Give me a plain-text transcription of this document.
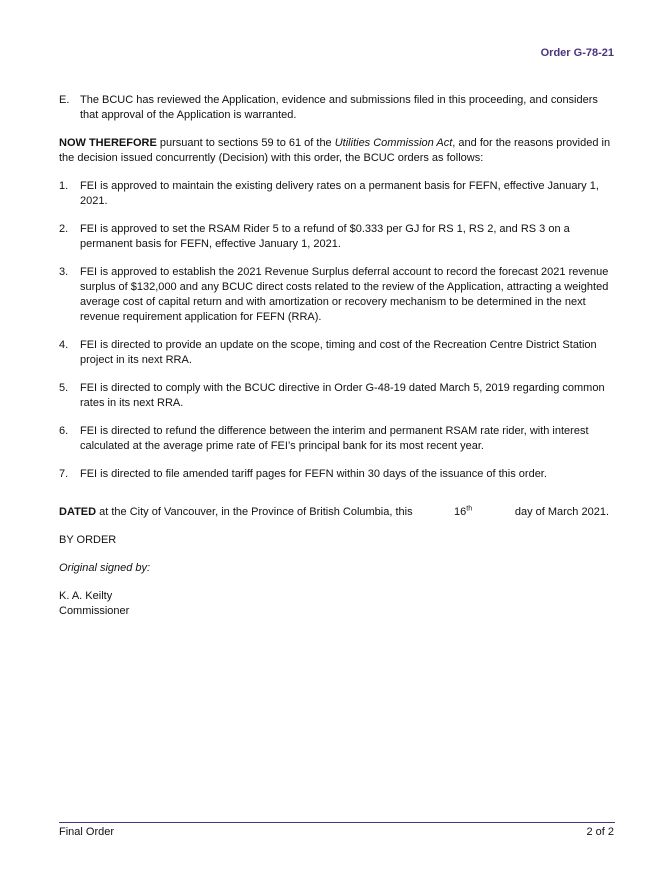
Order G-78-21
E. The BCUC has reviewed the Application, evidence and submissions filed in this proceeding, and considers that approval of the Application is warranted.

NOW THEREFORE pursuant to sections 59 to 61 of the Utilities Commission Act, and for the reasons provided in the decision issued concurrently (Decision) with this order, the BCUC orders as follows:

1.	FEI is approved to maintain the existing delivery rates on a permanent basis for FEFN, effective January 1, 2021.
2.	FEI is approved to set the RSAM Rider 5 to a refund of $0.333 per GJ for RS 1, RS 2, and RS 3 on a permanent basis for FEFN, effective January 1, 2021.
3.	FEI is approved to establish the 2021 Revenue Surplus deferral account to record the forecast 2021 revenue surplus of $132,000 and any BCUC direct costs related to the review of the Application, attracting a weighted average cost of capital return and with amortization or recovery mechanism to be determined in the next revenue requirement application for FEFN (RRA).
4.	FEI is directed to provide an update on the scope, timing and cost of the Recreation Centre District Station project in its next RRA.
5.	FEI is directed to comply with the BCUC directive in Order G-48-19 dated March 5, 2019 regarding common rates in its next RRA.
6.	FEI is directed to refund the difference between the interim and permanent RSAM rate rider, with interest calculated at the average prime rate of FEI’s principal bank for its most recent year.
7.	FEI is directed to file amended tariff pages for FEFN within 30 days of the issuance of this order.
DATED at the City of Vancouver, in the Province of British Columbia, this	16th	day of March 2021.

BY ORDER

Original signed by:

K. A. Keilty

Commissioner

Final Order	2 of 2
